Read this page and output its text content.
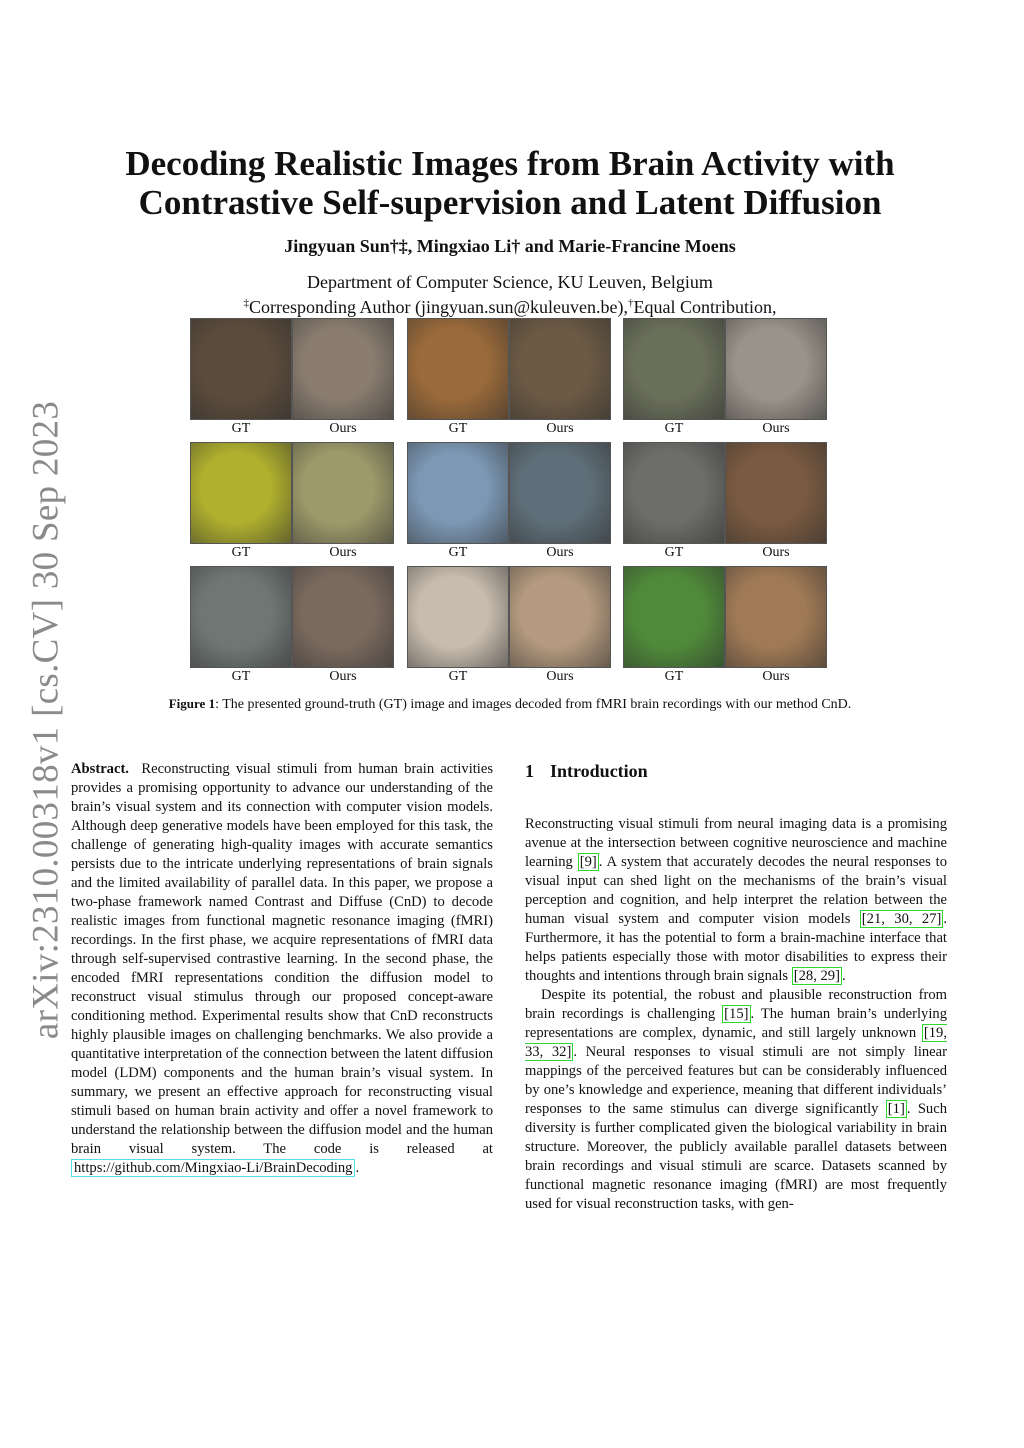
arXiv:2310.00318v1 [cs.CV] 30 Sep 2023
Decoding Realistic Images from Brain Activity with
Contrastive Self-supervision and Latent Diffusion
Jingyuan Sun†‡, Mingxiao Li† and Marie-Francine Moens
Department of Computer Science, KU Leuven, Belgium
‡Corresponding Author (jingyuan.sun@kuleuven.be),†Equal Contribution,
GT	Ours	GT	Ours	GT	Ours
GT	Ours	GT	Ours	GT	Ours
GT	Ours	GT	Ours	GT	Ours
Figure 1: The presented ground-truth (GT) image and images decoded from fMRI brain recordings with our method CnD.

Abstract. Reconstructing visual stimuli from human brain activities provides a promising opportunity to advance our understanding of the brain’s visual system and its connection with computer vision models. Although deep generative models have been employed for this task, the challenge of generating high-quality images with accurate semantics persists due to the intricate underlying representations of brain signals and the limited availability of parallel data. In this paper, we propose a two-phase framework named Contrast and Diffuse (CnD) to decode realistic images from functional magnetic resonance imaging (fMRI) recordings. In the first phase, we acquire representations of fMRI data through self-supervised contrastive learning. In the second phase, the encoded fMRI representations condition the diffusion model to reconstruct visual stimulus through our proposed concept-aware conditioning method. Experimental results show that CnD reconstructs highly plausible images on challenging benchmarks. We also provide a quantitative interpretation of the connection between the latent diffusion model (LDM) components and the human brain’s visual system. In summary, we present an effective approach for reconstructing visual stimuli based on human brain activity and offer a novel framework to understand the relationship between the diffusion model and the human brain visual system. The code is released at https://github.com/Mingxiao-Li/BrainDecoding .

1 Introduction

Reconstructing visual stimuli from neural imaging data is a promising avenue at the intersection between cognitive neuroscience and machine learning [9] . A system that accurately decodes the neural responses to visual input can shed light on the mechanisms of the brain’s visual perception and cognition, and help interpret the relation between the human visual system and computer vision models [21, 30, 27] . Furthermore, it has the potential to form a brain-machine interface that helps patients especially those with motor disabilities to express their thoughts and intentions through brain signals [28, 29] .

Despite its potential, the robust and plausible reconstruction from brain recordings is challenging [15] . The human brain’s underlying representations are complex, dynamic, and still largely unknown [19, 33, 32] . Neural responses to visual stimuli are not simply linear mappings of the perceived features but can be considerably influenced by one’s knowledge and experience, meaning that different individuals’ responses to the same stimulus can diverge significantly [1] . Such diversity is further complicated given the biological variability in brain structure. Moreover, the publicly available parallel datasets between brain recordings and visual stimuli are scarce. Datasets scanned by functional magnetic resonance imaging (fMRI) are most frequently used for visual reconstruction tasks, with gen-
